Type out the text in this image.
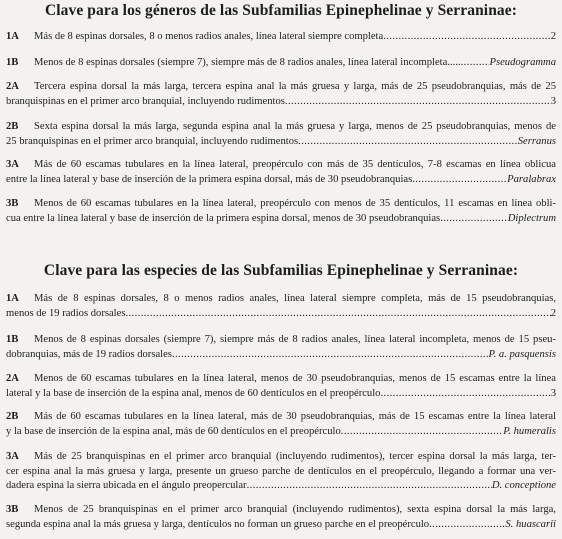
Clave para los géneros de las Subfamilias Epinephelinae y Serraninae:
1A	Más de 8 espinas dorsales, 8 o menos radios anales, línea lateral siempre completa .....	2
1B	Menos de 8 espinas dorsales (siempre 7), siempre más de 8 radios anales, línea lateral incompleta..... .....	Pseudogramma
2A Tercera espina dorsal la más larga, tercera espina anal la más gruesa y larga, más de 25 pseudobranquias, más de 25
branquispinas en el primer arco branquial, incluyendo rudimentos .....	3
2B Sexta espina dorsal la más larga, segunda espina anal la más gruesa y larga, menos de 25 pseudobranquias, menos de
25 branquispinas en el primer arco branquial, incluyendo rudimentos .....	Serranus
3A Más de 60 escamas tubulares en la línea lateral, preopérculo con más de 35 dentículos, 7-8 escamas en línea oblicua
entre la línea lateral y base de inserción de la primera espina dorsal, más de 30 pseudobranquias .....	Paralabrax
3B Menos de 60 escamas tubulares en la línea lateral, preopérculo con menos de 35 dentículos, 11 escamas en línea obli-
cua entre la línea lateral y base de inserción de la primera espina dorsal, menos de 30 pseudobranquias .....	Diplectrum
Clave para las especies de las Subfamilias Epinephelinae y Serraninae:
1A Más de 8 espinas dorsales, 8 o menos radios anales, línea lateral siempre completa, más de 15 pseudobranquias,
menos de 19 radios dorsales .....	2
1B Menos de 8 espinas dorsales (siempre 7), siempre más de 8 radios anales, línea lateral incompleta, menos de 15 pseu-
dobranquias, más de 19 radios dorsales .....	P. a. pasquensis
2A Menos de 60 escamas tubulares en la línea lateral, menos de 30 pseudobranquias, menos de 15 escamas entre la línea
lateral y la base de inserción de la espina anal, menos de 60 dentículos en el preopérculo .....	3
2B Más de 60 escamas tubulares en la línea lateral, más de 30 pseudobranquias, más de 15 escamas entre la línea lateral
y la base de inserción de la espina anal, más de 60 dentículos en el preopérculo .....	P. humeralis
3A Más de 25 branquispinas en el primer arco branquial (incluyendo rudimentos), tercer espina dorsal la más larga, ter-
cer espina anal la más gruesa y larga, presente un grueso parche de dentículos en el preopérculo, llegando a formar una ver-
dadera espina la sierra ubicada en el ángulo preopercular .....	D. conceptione
3B Menos de 25 branquispinas en el primer arco branquial (incluyendo rudimentos), sexta espina dorsal la más larga,
segunda espina anal la más gruesa y larga, dentículos no forman un grueso parche en el preopérculo .....	S. huascarii
